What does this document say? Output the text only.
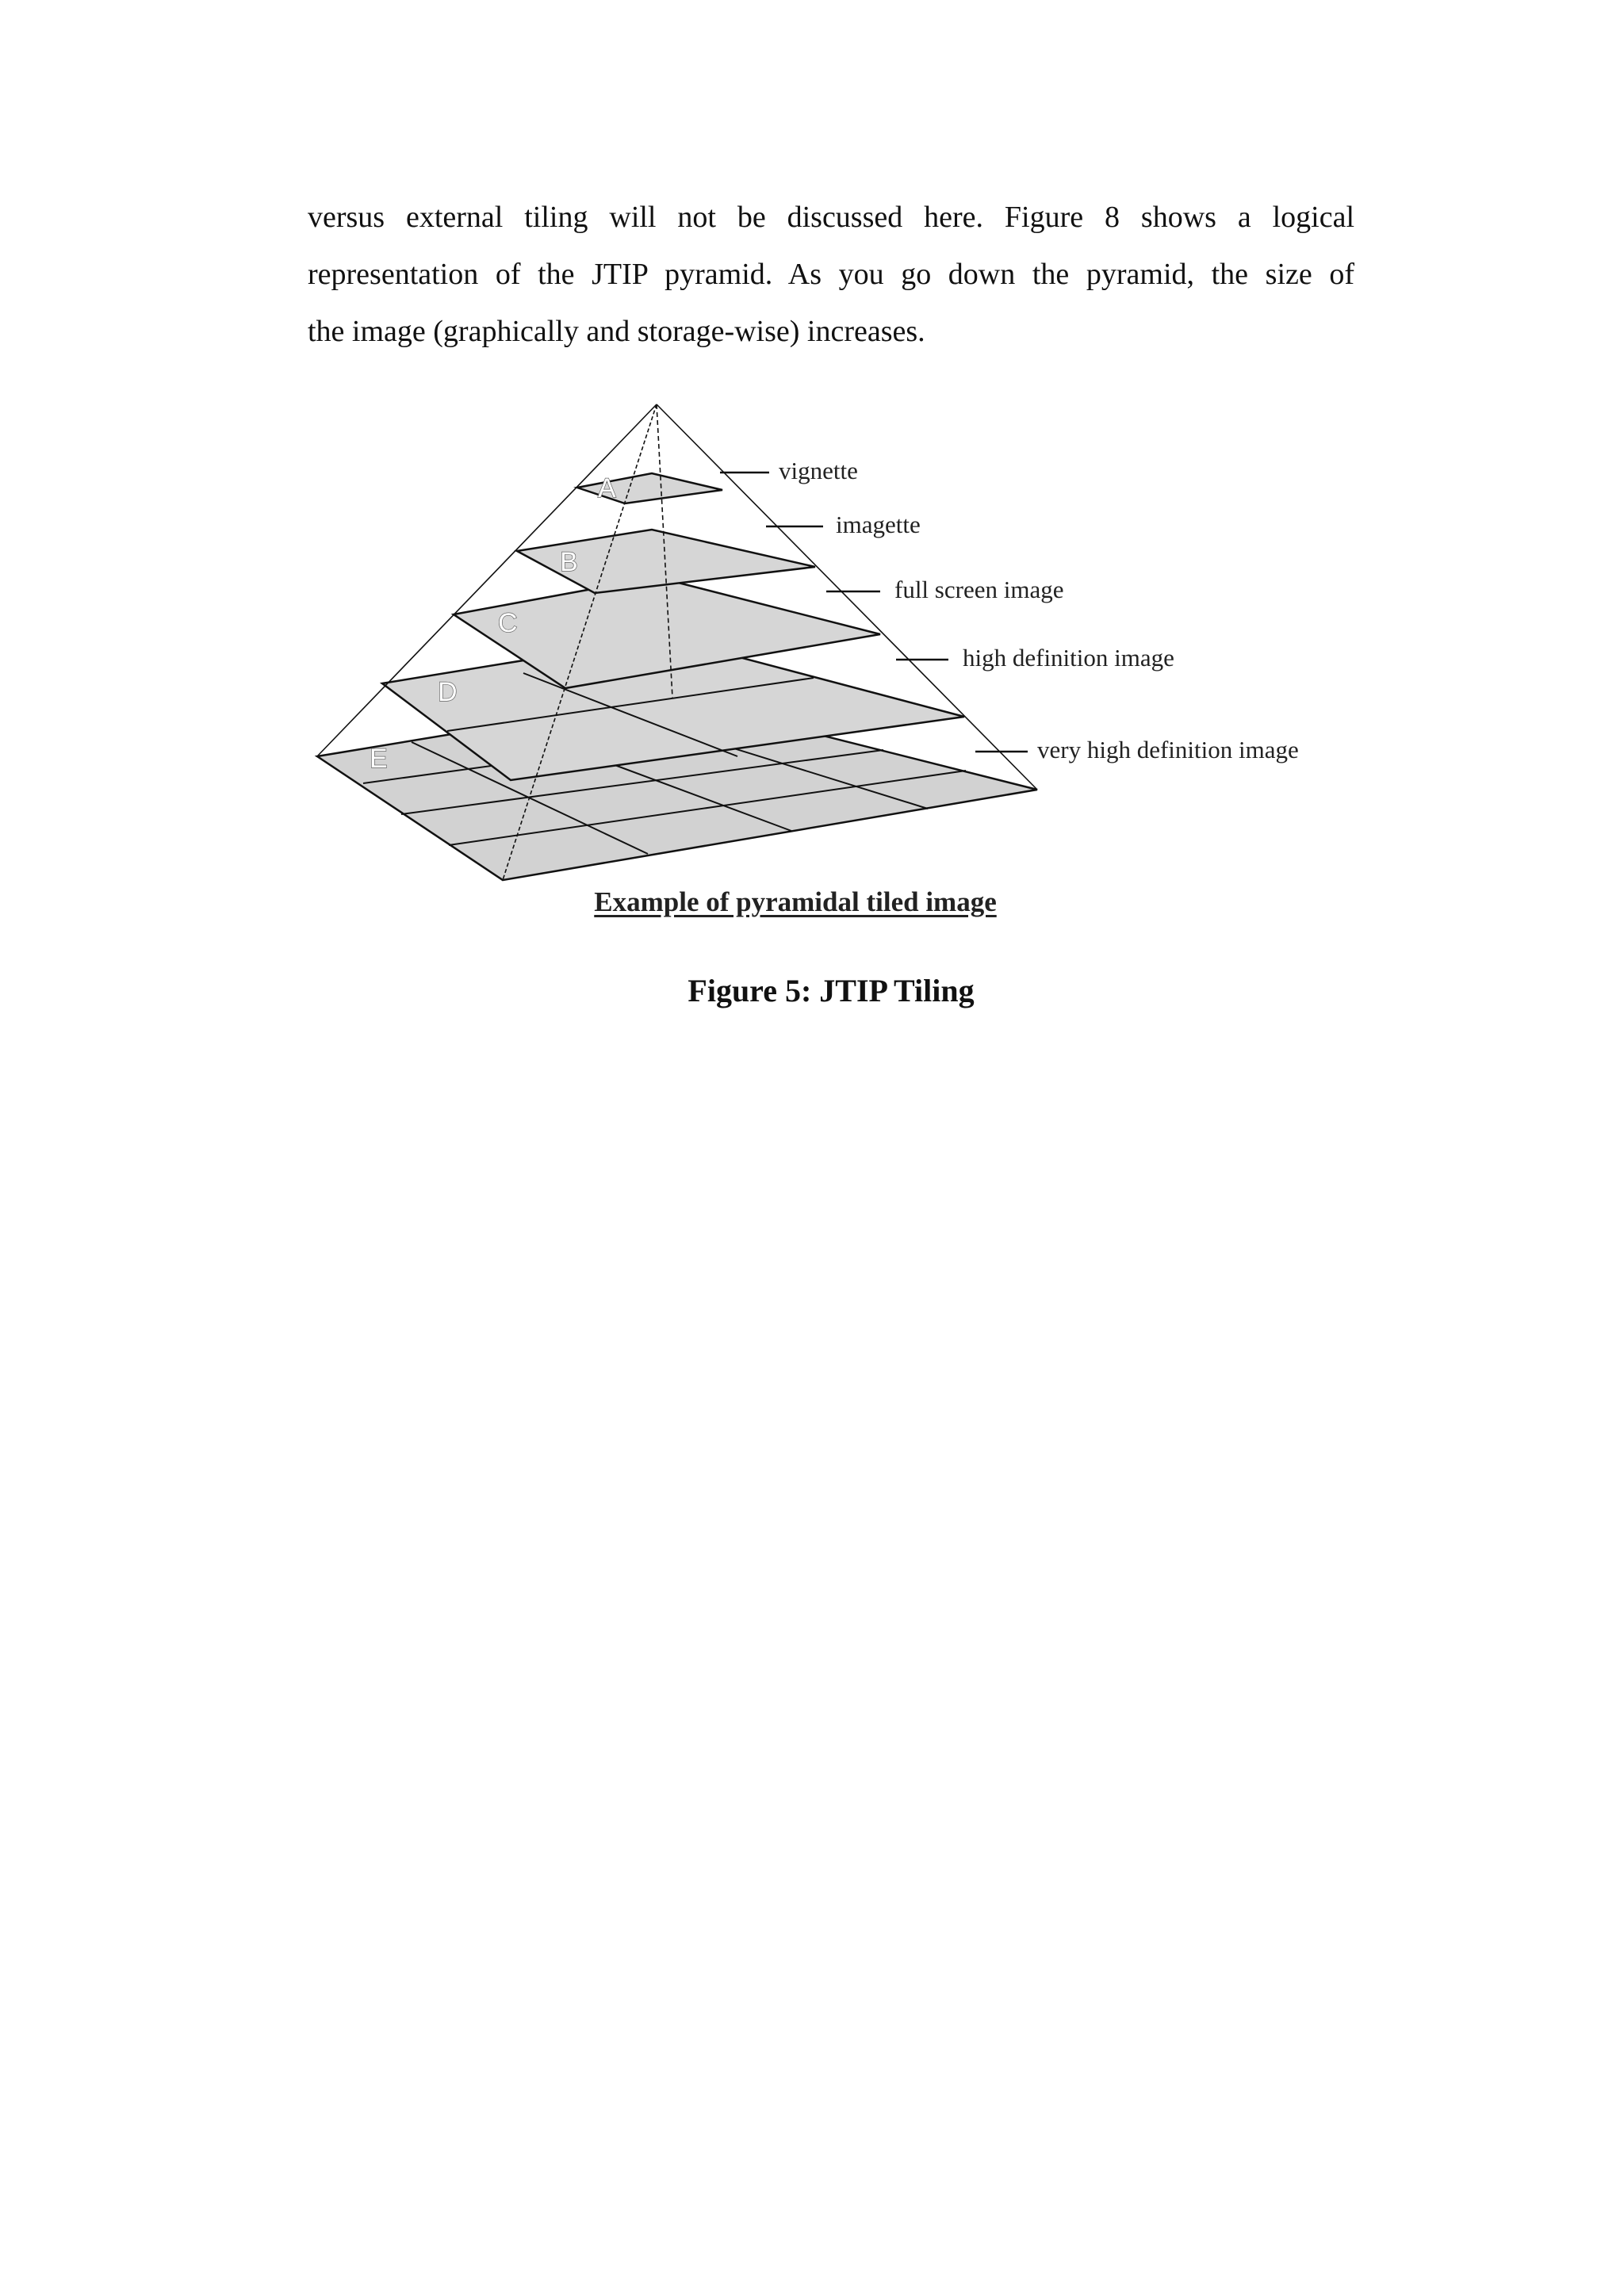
versus external tiling will not be discussed here. Figure 8 shows a logical
representation of the JTIP pyramid. As you go down the pyramid, the size of
the image (graphically and storage-wise) increases.

A
B
C
D
E
vignette
imagette
full screen image
high definition image
very high definition image
Example of pyramidal tiled image

Figure 5: JTIP Tiling
